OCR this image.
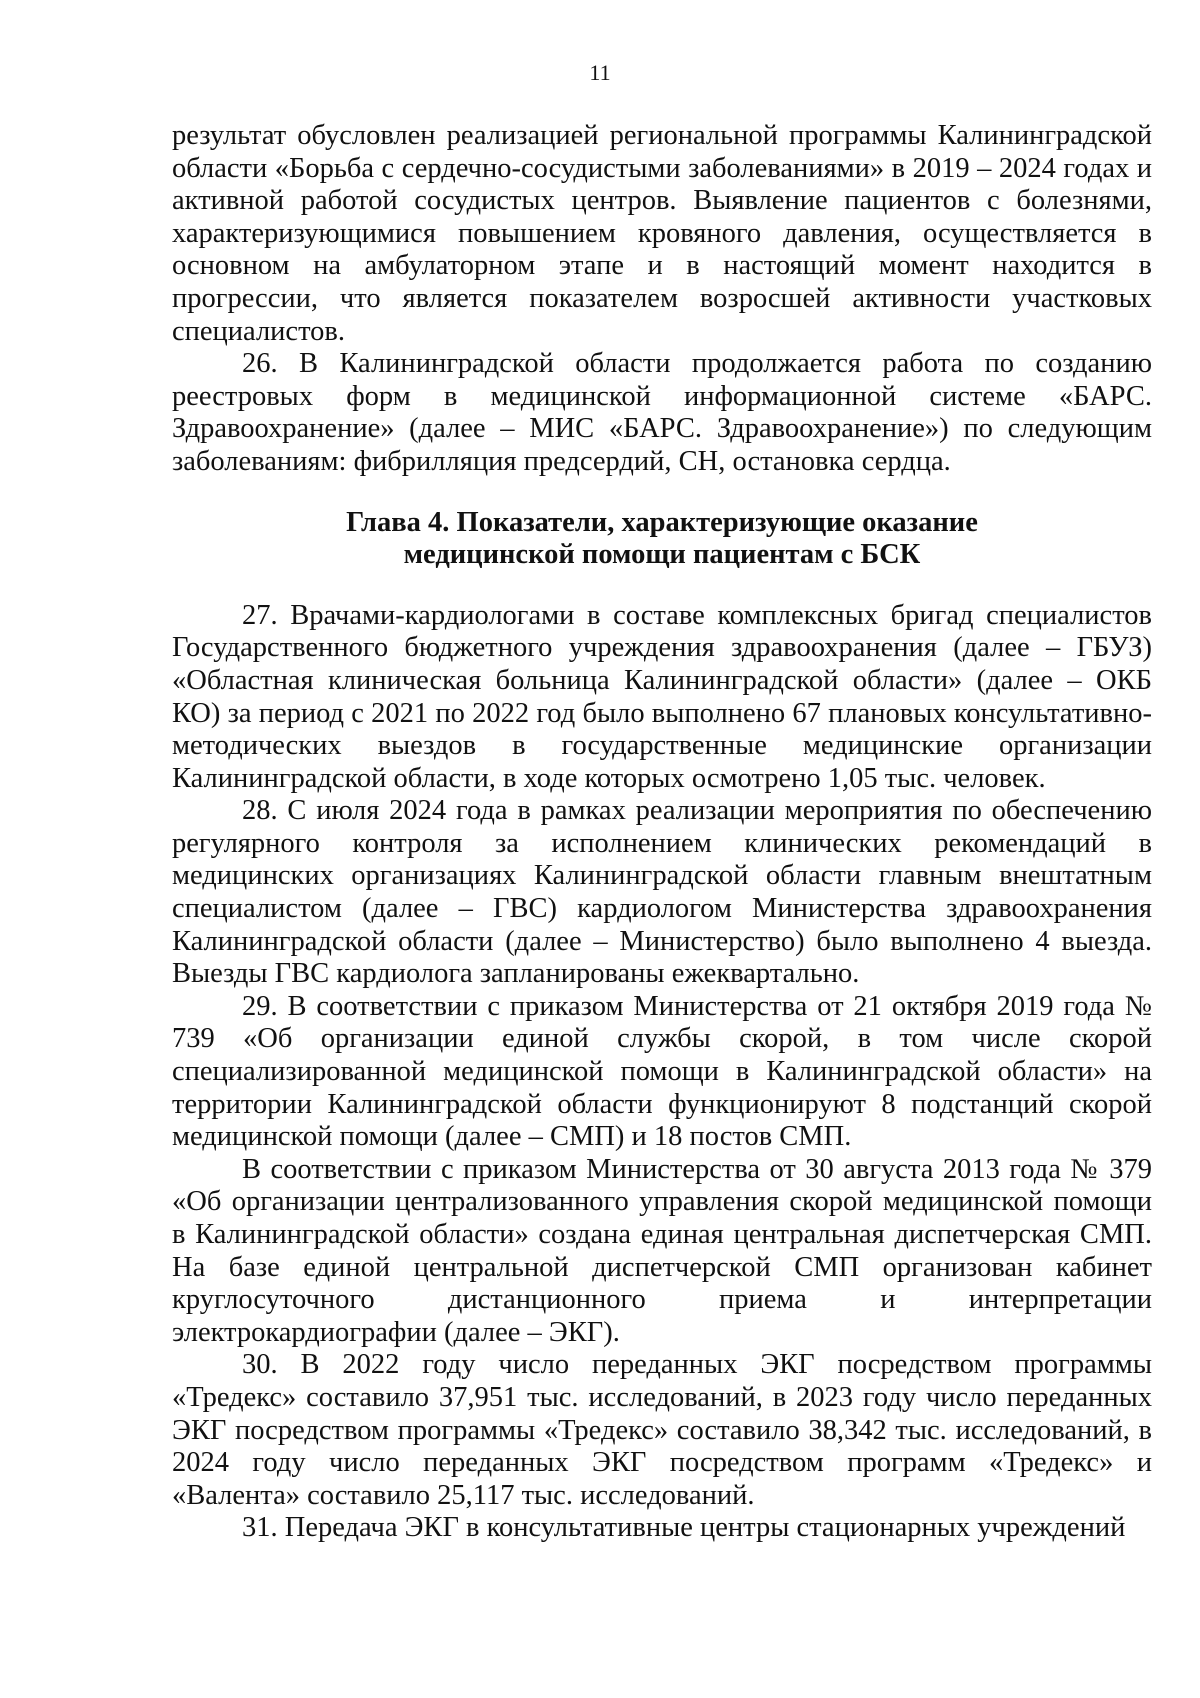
11

результат обусловлен реализацией региональной программы Калининградской области «Борьба с сердечно-сосудистыми заболеваниями» в 2019 – 2024 годах и активной работой сосудистых центров. Выявление пациентов с болезнями, характеризующимися повышением кровяного давления, осуществляется в основном на амбулаторном этапе и в настоящий момент находится в прогрессии, что является показателем возросшей активности участковых специалистов.

26. В Калининградской области продолжается работа по созданию реестровых форм в медицинской информационной системе «БАРС. Здравоохранение» (далее – МИС «БАРС. Здравоохранение») по следующим заболеваниям: фибрилляция предсердий, СН, остановка сердца.

Глава 4. Показатели, характеризующие оказание
медицинской помощи пациентам с БСК

27. Врачами-кардиологами в составе комплексных бригад специалистов Государственного бюджетного учреждения здравоохранения (далее – ГБУЗ) «Областная клиническая больница Калининградской области» (далее – ОКБ КО) за период с 2021 по 2022 год было выполнено 67 плановых консультативно-методических выездов в государственные медицинские организации Калининградской области, в ходе которых осмотрено 1,05 тыс. человек.

28. С июля 2024 года в рамках реализации мероприятия по обеспечению регулярного контроля за исполнением клинических рекомендаций в медицинских организациях Калининградской области главным внештатным специалистом (далее – ГВС) кардиологом Министерства здравоохранения Калининградской области (далее – Министерство) было выполнено 4 выезда. Выезды ГВС кардиолога запланированы ежеквартально.

29. В соответствии с приказом Министерства от 21 октября 2019 года № 739 «Об организации единой службы скорой, в том числе скорой специализированной медицинской помощи в Калининградской области» на территории Калининградской области функционируют 8 подстанций скорой медицинской помощи (далее – СМП) и 18 постов СМП.

В соответствии с приказом Министерства от 30 августа 2013 года № 379 «Об организации централизованного управления скорой медицинской помощи в Калининградской области» создана единая центральная диспетчерская СМП. На базе единой центральной диспетчерской СМП организован кабинет круглосуточного дистанционного приема и интерпретации электрокардиографии (далее – ЭКГ).

30. В 2022 году число переданных ЭКГ посредством программы «Тредекс» составило 37,951 тыс. исследований, в 2023 году число переданных ЭКГ посредством программы «Тредекс» составило 38,342 тыс. исследований, в 2024 году число переданных ЭКГ посредством программ «Тредекс» и «Валента» составило 25,117 тыс. исследований.

31. Передача ЭКГ в консультативные центры стационарных учреждений
